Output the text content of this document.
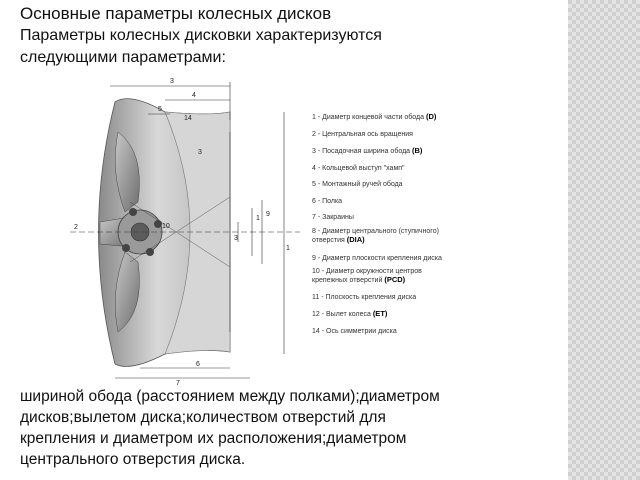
Основные параметры колесных дисков
Параметры колесных дисковки характеризуются следующими параметрами:
3
4
5
14
3
1
9
2	10
3
1
6
7
1 - Диаметр концевой части обода (D)
2 - Центральная ось вращения
3 - Посадочная ширина обода (B)
4 - Кольцевой выступ "хамп"
5 - Монтажный ручей обода
6 - Полка
7 - Закраины
8 - Диаметр центрального (ступичного) отверстия (DIA)
9 - Диаметр плоскости крепления диска
10 - Диаметр окружности центров крепежных отверстий (PCD)
11 - Плоскость крепления диска
12 - Вылет колеса (ET)
14 - Ось симметрии диска
шириной обода (расстоянием между полками);диаметром дисков;вылетом диска;количеством отверстий для крепления и диаметром их расположения;диаметром центрального отверстия диска.
